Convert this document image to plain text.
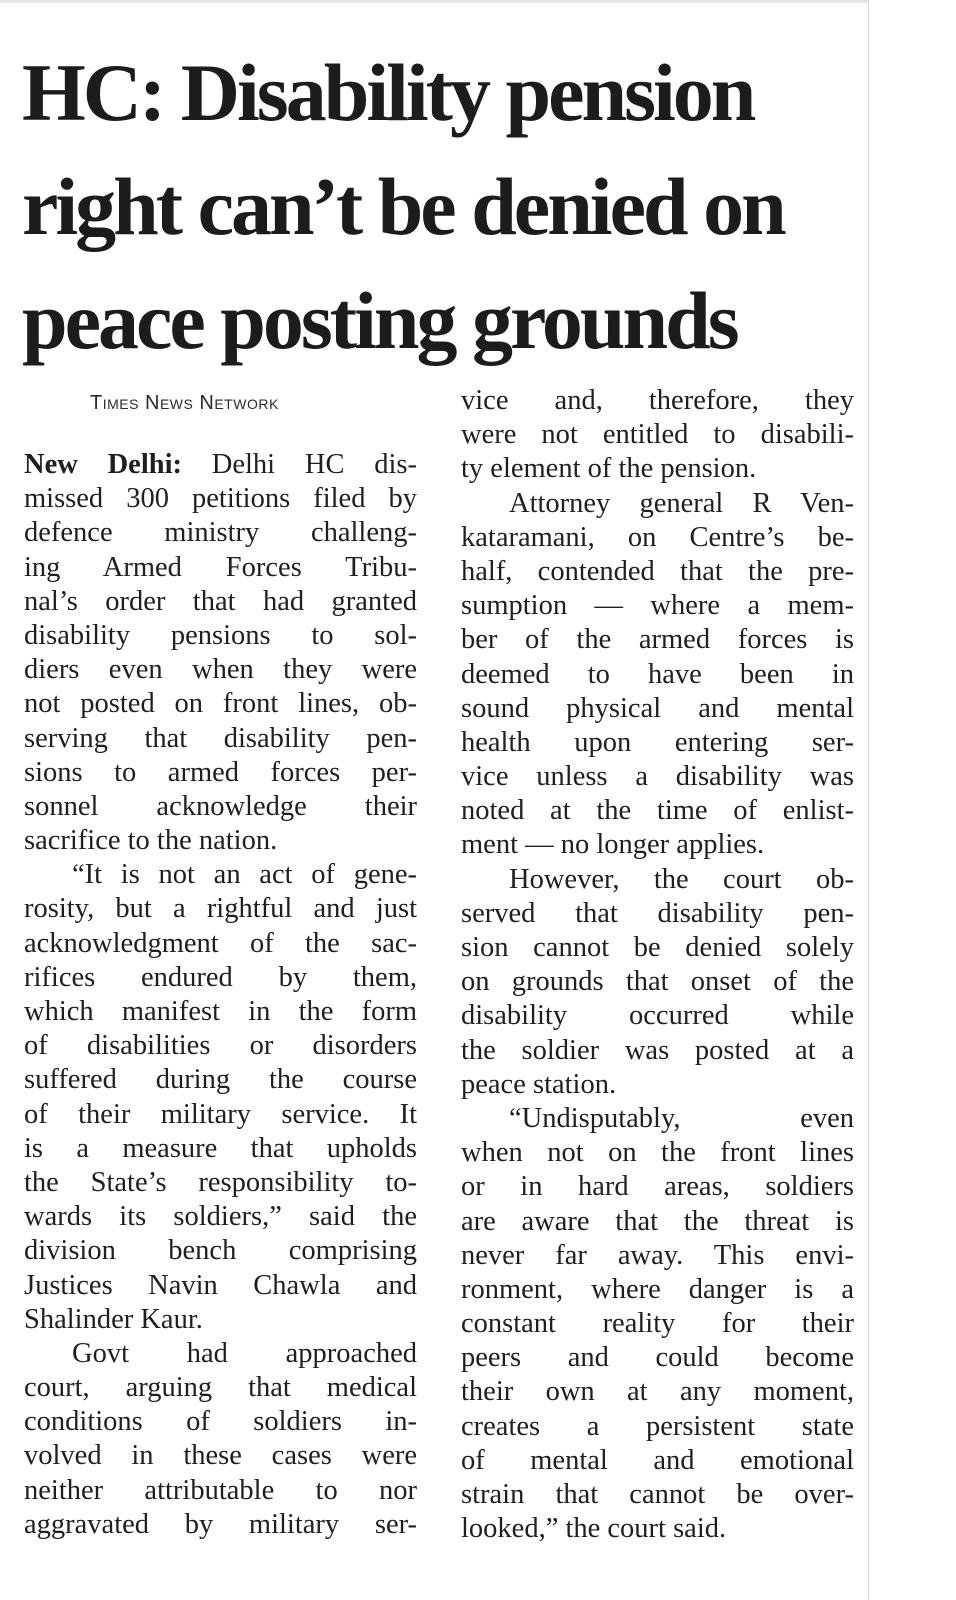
HC: Disability pension
right can’t be denied on
peace posting grounds
Times News Network
New Delhi: Delhi HC dis-
missed 300 petitions filed by
defence ministry challeng-
ing Armed Forces Tribu-
nal’s order that had granted
disability pensions to sol-
diers even when they were
not posted on front lines, ob-
serving that disability pen-
sions to armed forces per-
sonnel acknowledge their
sacrifice to the nation.
“It is not an act of gene-
rosity, but a rightful and just
acknowledgment of the sac-
rifices endured by them,
which manifest in the form
of disabilities or disorders
suffered during the course
of their military service. It
is a measure that upholds
the State’s responsibility to-
wards its soldiers,” said the
division bench comprising
Justices Navin Chawla and
Shalinder Kaur.
Govt had approached
court, arguing that medical
conditions of soldiers in-
volved in these cases were
neither attributable to nor
aggravated by military ser-
vice and, therefore, they
were not entitled to disabili-
ty element of the pension.
Attorney general R Ven-
kataramani, on Centre’s be-
half, contended that the pre-
sumption — where a mem-
ber of the armed forces is
deemed to have been in
sound physical and mental
health upon entering ser-
vice unless a disability was
noted at the time of enlist-
ment — no longer applies.
However, the court ob-
served that disability pen-
sion cannot be denied solely
on grounds that onset of the
disability occurred while
the soldier was posted at a
peace station.
“Undisputably, even
when not on the front lines
or in hard areas, soldiers
are aware that the threat is
never far away. This envi-
ronment, where danger is a
constant reality for their
peers and could become
their own at any moment,
creates a persistent state
of mental and emotional
strain that cannot be over-
looked,” the court said.
